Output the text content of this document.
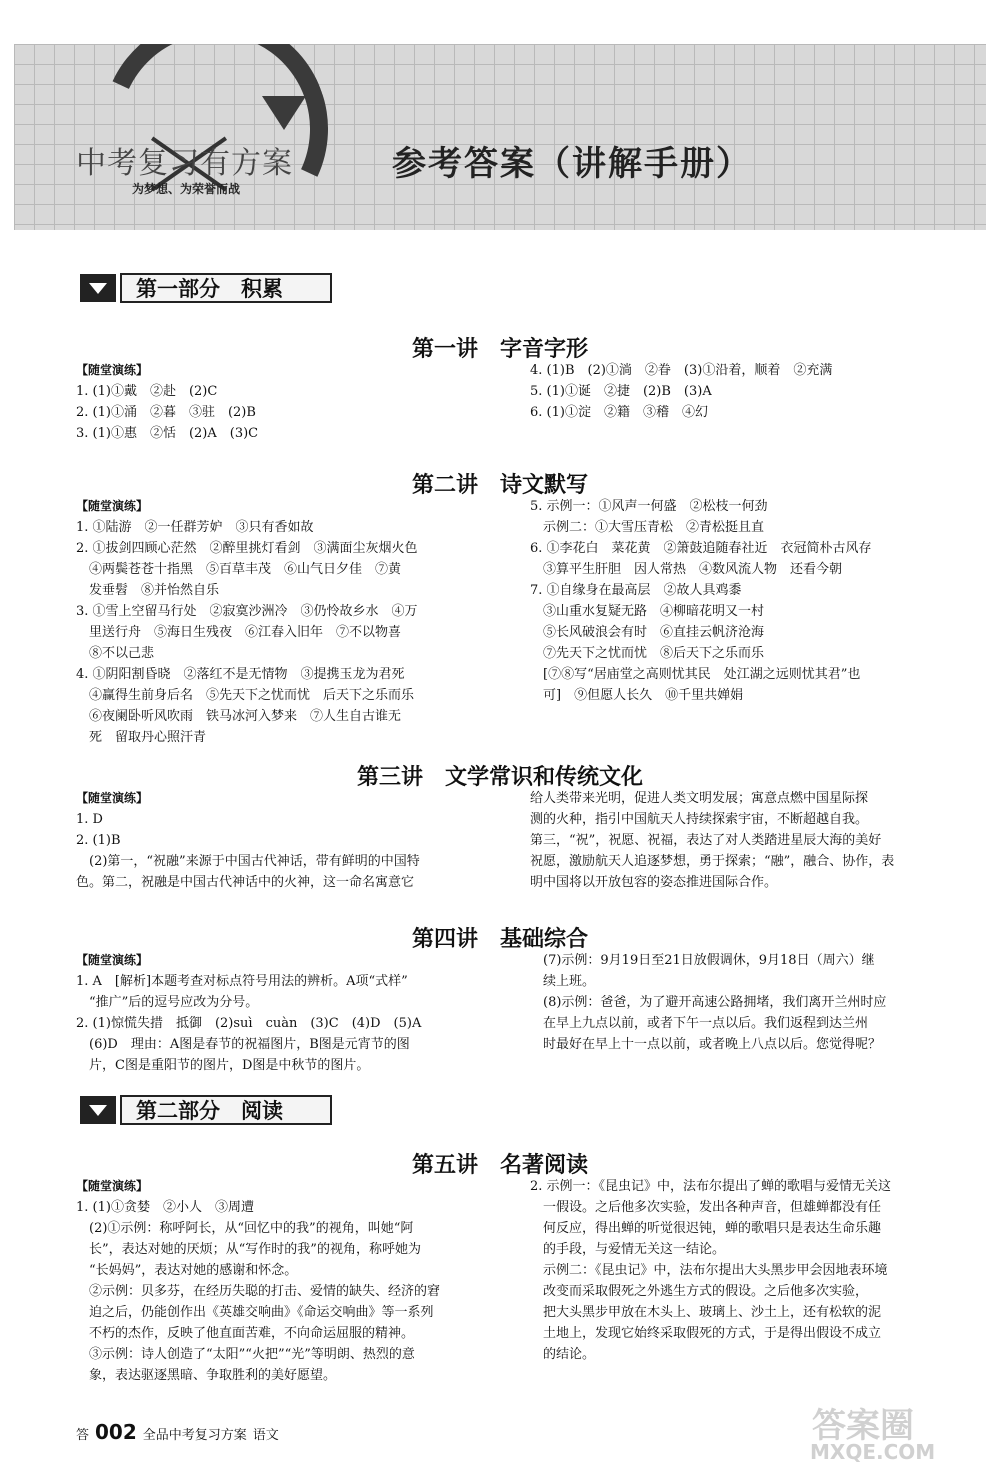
中考复习有方案
为梦想、为荣誉而战
参考答案（讲解手册）
第一部分　积累
第一讲　字音字形
【随堂演练】
1. (1)①戴　②赴　(2)C
2. (1)①涌　②暮　③驻　(2)B
3. (1)①惠　②恬　(2)A　(3)C
4. (1)B　(2)①淌　②眷　(3)①沿着，顺着　②充满
5. (1)①诞　②捷　(2)B　(3)A
6. (1)①淀　②籍　③稽　④幻
第二讲　诗文默写
【随堂演练】
1. ①陆游　②一任群芳妒　③只有香如故
2. ①拔剑四顾心茫然　②醉里挑灯看剑　③满面尘灰烟火色
　④两鬓苍苍十指黑　⑤百草丰茂　⑥山气日夕佳　⑦黄
　发垂髫　⑧并怡然自乐
3. ①雪上空留马行处　②寂寞沙洲冷　③仍怜故乡水　④万
　里送行舟　⑤海日生残夜　⑥江春入旧年　⑦不以物喜
　⑧不以己悲
4. ①阴阳割昏晓　②落红不是无情物　③提携玉龙为君死
　④赢得生前身后名　⑤先天下之忧而忧　后天下之乐而乐
　⑥夜阑卧听风吹雨　铁马冰河入梦来　⑦人生自古谁无
　死　留取丹心照汗青
5. 示例一：①风声一何盛　②松枝一何劲
　示例二：①大雪压青松　②青松挺且直
6. ①李花白　菜花黄　②箫鼓追随春社近　衣冠简朴古风存
　③算平生肝胆　因人常热　④数风流人物　还看今朝
7. ①自缘身在最高层　②故人具鸡黍
　③山重水复疑无路　④柳暗花明又一村
　⑤长风破浪会有时　⑥直挂云帆济沧海
　⑦先天下之忧而忧　⑧后天下之乐而乐
　[⑦⑧写“居庙堂之高则忧其民　处江湖之远则忧其君”也
　可]　⑨但愿人长久　⑩千里共婵娟
第三讲　文学常识和传统文化
【随堂演练】
1. D
2. (1)B
　(2)第一，“祝融”来源于中国古代神话，带有鲜明的中国特
色。第二，祝融是中国古代神话中的火神，这一命名寓意它
给人类带来光明，促进人类文明发展；寓意点燃中国星际探
测的火种，指引中国航天人持续探索宇宙，不断超越自我。
第三，“祝”，祝愿、祝福，表达了对人类踏进星辰大海的美好
祝愿，激励航天人追逐梦想，勇于探索；“融”，融合、协作，表
明中国将以开放包容的姿态推进国际合作。
第四讲　基础综合
【随堂演练】
1. A　[解析]本题考查对标点符号用法的辨析。A项“式样”
　“推广”后的逗号应改为分号。
2. (1)惊慌失措　抵御　(2)suì　cuàn　(3)C　(4)D　(5)A
　(6)D　理由：A图是春节的祝福图片，B图是元宵节的图
　片，C图是重阳节的图片，D图是中秋节的图片。
　(7)示例：9月19日至21日放假调休，9月18日（周六）继
　续上班。
　(8)示例：爸爸，为了避开高速公路拥堵，我们离开兰州时应
　在早上九点以前，或者下午一点以后。我们返程到达兰州
　时最好在早上十一点以前，或者晚上八点以后。您觉得呢？
第二部分　阅读
第五讲　名著阅读
【随堂演练】
1. (1)①贪婪　②小人　③周遭
　(2)①示例：称呼阿长，从“回忆中的我”的视角，叫她“阿
　长”，表达对她的厌烦；从“写作时的我”的视角，称呼她为
　“长妈妈”，表达对她的感谢和怀念。
　②示例：贝多芬，在经历失聪的打击、爱情的缺失、经济的窘
　迫之后，仍能创作出《英雄交响曲》《命运交响曲》等一系列
　不朽的杰作，反映了他直面苦难，不向命运屈服的精神。
　③示例：诗人创造了“太阳”“火把”“光”等明朗、热烈的意
　象，表达驱逐黑暗、争取胜利的美好愿望。
2. 示例一：《昆虫记》中，法布尔提出了蝉的歌唱与爱情无关这
　一假设。之后他多次实验，发出各种声音，但雄蝉都没有任
　何反应，得出蝉的听觉很迟钝，蝉的歌唱只是表达生命乐趣
　的手段，与爱情无关这一结论。
　示例二：《昆虫记》中，法布尔提出大头黑步甲会因地表环境
　改变而采取假死之外逃生方式的假设。之后他多次实验，
　把大头黑步甲放在木头上、玻璃上、沙土上，还有松软的泥
　土地上，发现它始终采取假死的方式，于是得出假设不成立
　的结论。
答 002 全品中考复习方案 语文	答案圈
MXQE.COM
